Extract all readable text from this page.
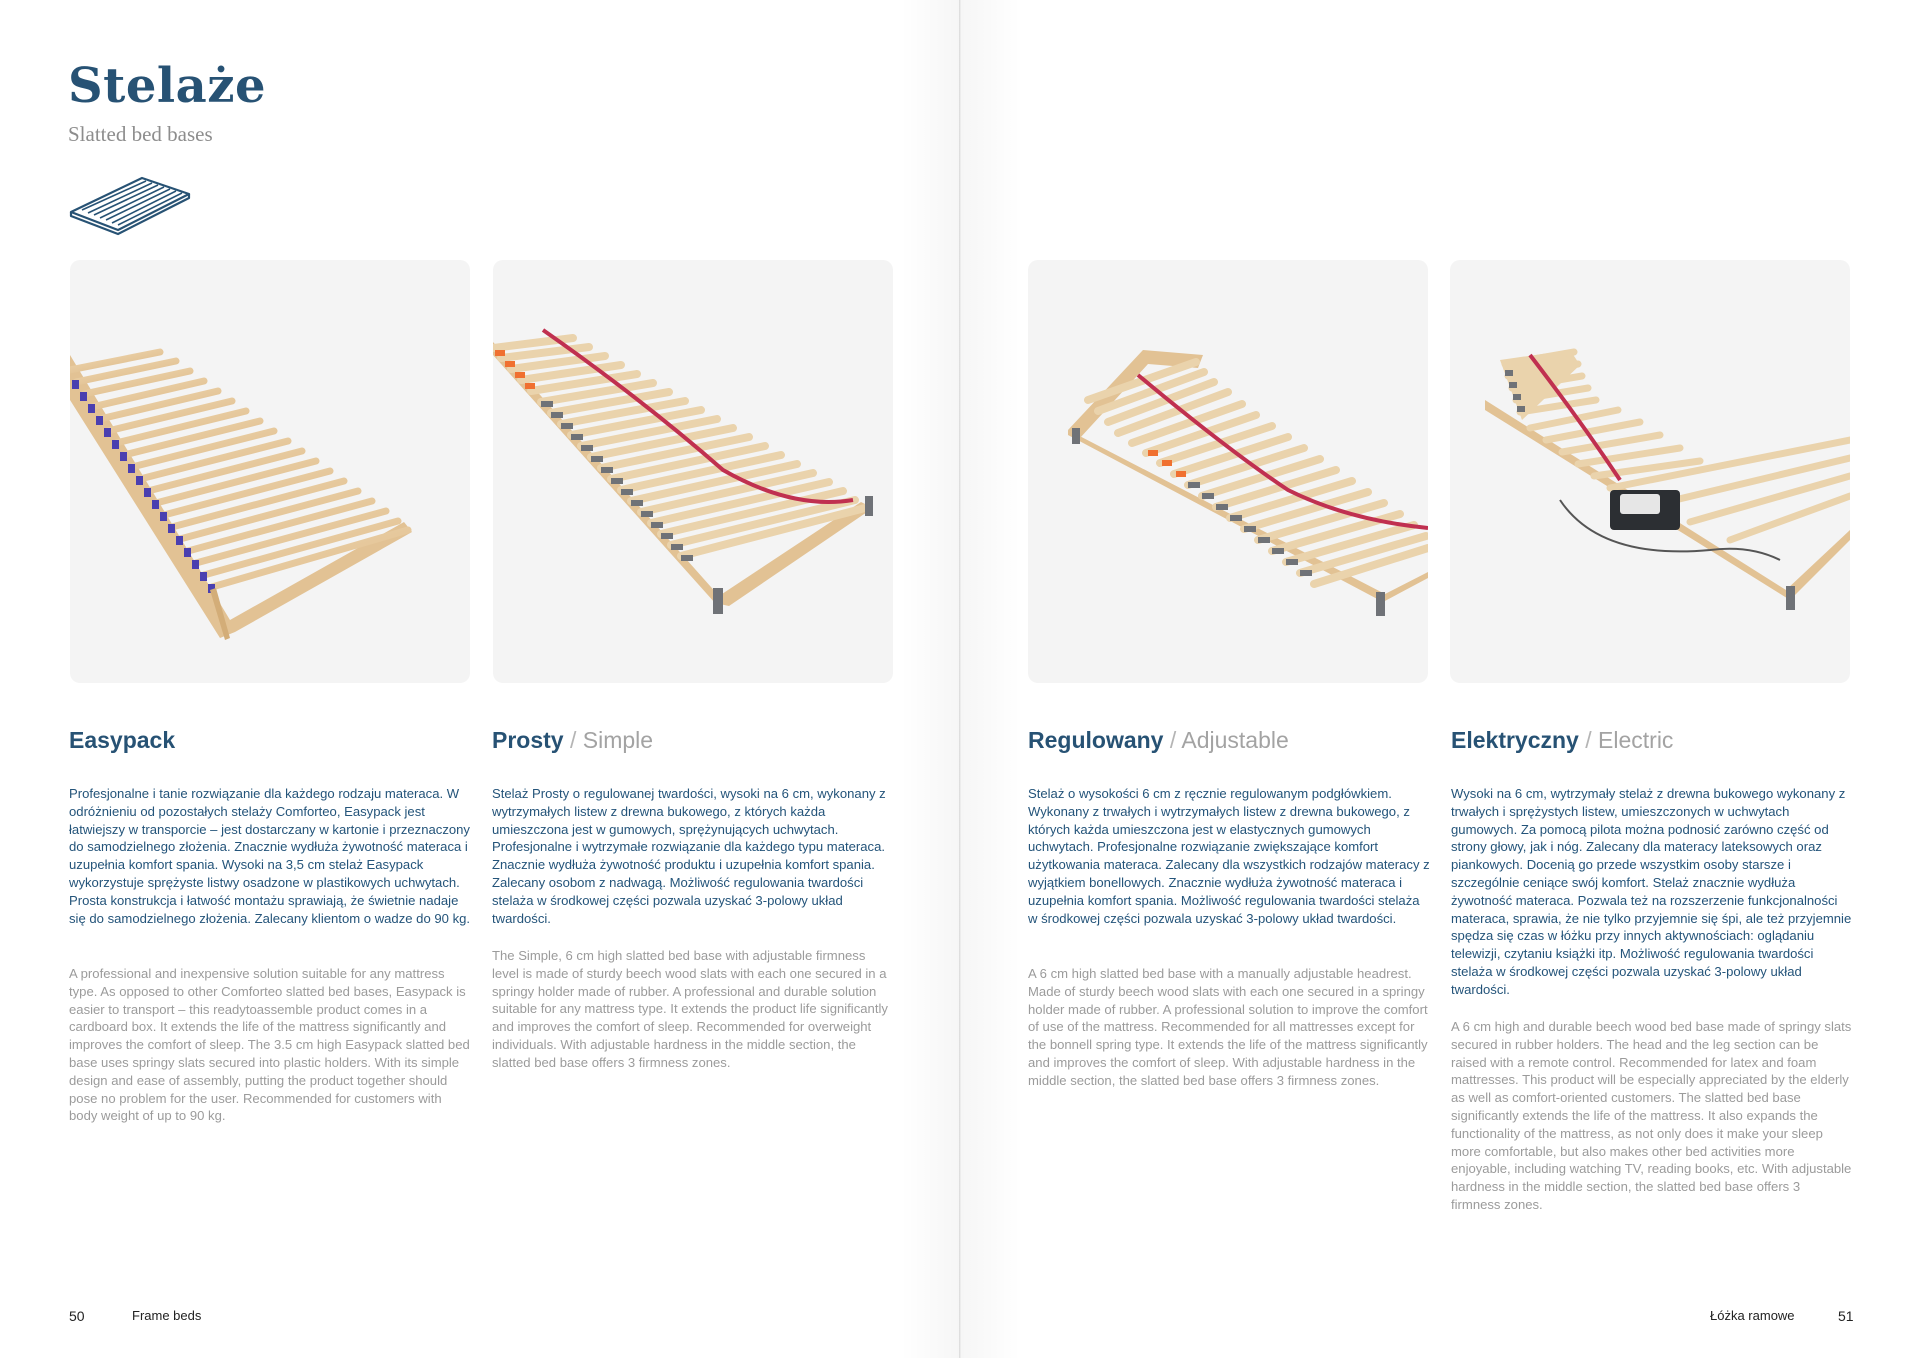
Stelaże
Slatted bed bases
Easypack	Prosty / Simple	Regulowany / Adjustable	Elektryczny / Electric

Profesjonalne i tanie rozwiązanie dla każdego rodzaju materaca. W odróżnieniu od pozostałych stelaży Comforteo, Easypack jest łatwiejszy w transporcie – jest dostarczany w kartonie i przeznaczony do samodzielnego złożenia. Znacznie wydłuża żywotność materaca i uzupełnia komfort spania. Wysoki na 3,5 cm stelaż Easypack wykorzystuje sprężyste listwy osadzone w plastikowych uchwytach. Prosta konstrukcja i łatwość montażu sprawiają, że świetnie nadaje się do samodzielnego złożenia. Zalecany klientom o wadze do 90 kg.

A professional and inexpensive solution suitable for any mattress type. As opposed to other Comforteo slatted bed bases, Easypack is easier to transport – this readytoassemble product comes in a cardboard box. It extends the life of the mattress significantly and improves the comfort of sleep. The 3.5 cm high Easypack slatted bed base uses springy slats secured into plastic holders. With its simple design and ease of assembly, putting the product together should pose no problem for the user. Recommended for customers with body weight of up to 90 kg.

Stelaż Prosty o regulowanej twardości, wysoki na 6 cm, wykonany z wytrzymałych listew z drewna bukowego, z których każda umieszczona jest w gumowych, sprężynujących uchwytach. Profesjonalne i wytrzymałe rozwiązanie dla każdego typu materaca. Znacznie wydłuża żywotność produktu i uzupełnia komfort spania. Zalecany osobom z nadwagą. Możliwość regulowania twardości stelaża w środkowej części pozwala uzyskać 3-polowy układ twardości.

The Simple, 6 cm high slatted bed base with adjustable firmness level is made of sturdy beech wood slats with each one secured in a springy holder made of rubber. A professional and durable solution suitable for any mattress type. It extends the product life significantly and improves the comfort of sleep. Recommended for overweight individuals. With adjustable hardness in the middle section, the slatted bed base offers 3 firmness zones.

Stelaż o wysokości 6 cm z ręcznie regulowanym podgłówkiem. Wykonany z trwałych i wytrzymałych listew z drewna bukowego, z których każda umieszczona jest w elastycznych gumowych uchwytach. Profesjonalne rozwiązanie zwiększające komfort użytkowania materaca. Zalecany dla wszystkich rodzajów materacy z wyjątkiem bonellowych. Znacznie wydłuża żywotność materaca i uzupełnia komfort spania. Możliwość regulowania twardości stelaża w środkowej części pozwala uzyskać 3-polowy układ twardości.

A 6 cm high slatted bed base with a manually adjustable headrest. Made of sturdy beech wood slats with each one secured in a springy holder made of rubber. A professional solution to improve the comfort of use of the mattress. Recommended for all mattresses except for the bonnell spring type. It extends the life of the mattress significantly and improves the comfort of sleep. With adjustable hardness in the middle section, the slatted bed base offers 3 firmness zones.

Wysoki na 6 cm, wytrzymały stelaż z drewna bukowego wykonany z trwałych i sprężystych listew, umieszczonych w uchwytach gumowych. Za pomocą pilota można podnosić zarówno część od strony głowy, jak i nóg. Zalecany dla materacy lateksowych oraz piankowych. Docenią go przede wszystkim osoby starsze i szczególnie ceniące swój komfort. Stelaż znacznie wydłuża żywotność materaca. Pozwala też na rozszerzenie funkcjonalności materaca, sprawia, że nie tylko przyjemnie się śpi, ale też przyjemnie spędza się czas w łóżku przy innych aktywnościach: oglądaniu telewizji, czytaniu książki itp. Możliwość regulowania twardości stelaża w środkowej części pozwala uzyskać 3-polowy układ twardości.

A 6 cm high and durable beech wood bed base made of springy slats secured in rubber holders. The head and the leg section can be raised with a remote control. Recommended for latex and foam mattresses. This product will be especially appreciated by the elderly as well as comfort-oriented customers. The slatted bed base significantly extends the life of the mattress. It also expands the functionality of the mattress, as not only does it make your sleep more comfortable, but also makes other bed activities more enjoyable, including watching TV, reading books, etc. With adjustable hardness in the middle section, the slatted bed base offers 3 firmness zones.

50	Frame beds	Łóżka ramowe	51
